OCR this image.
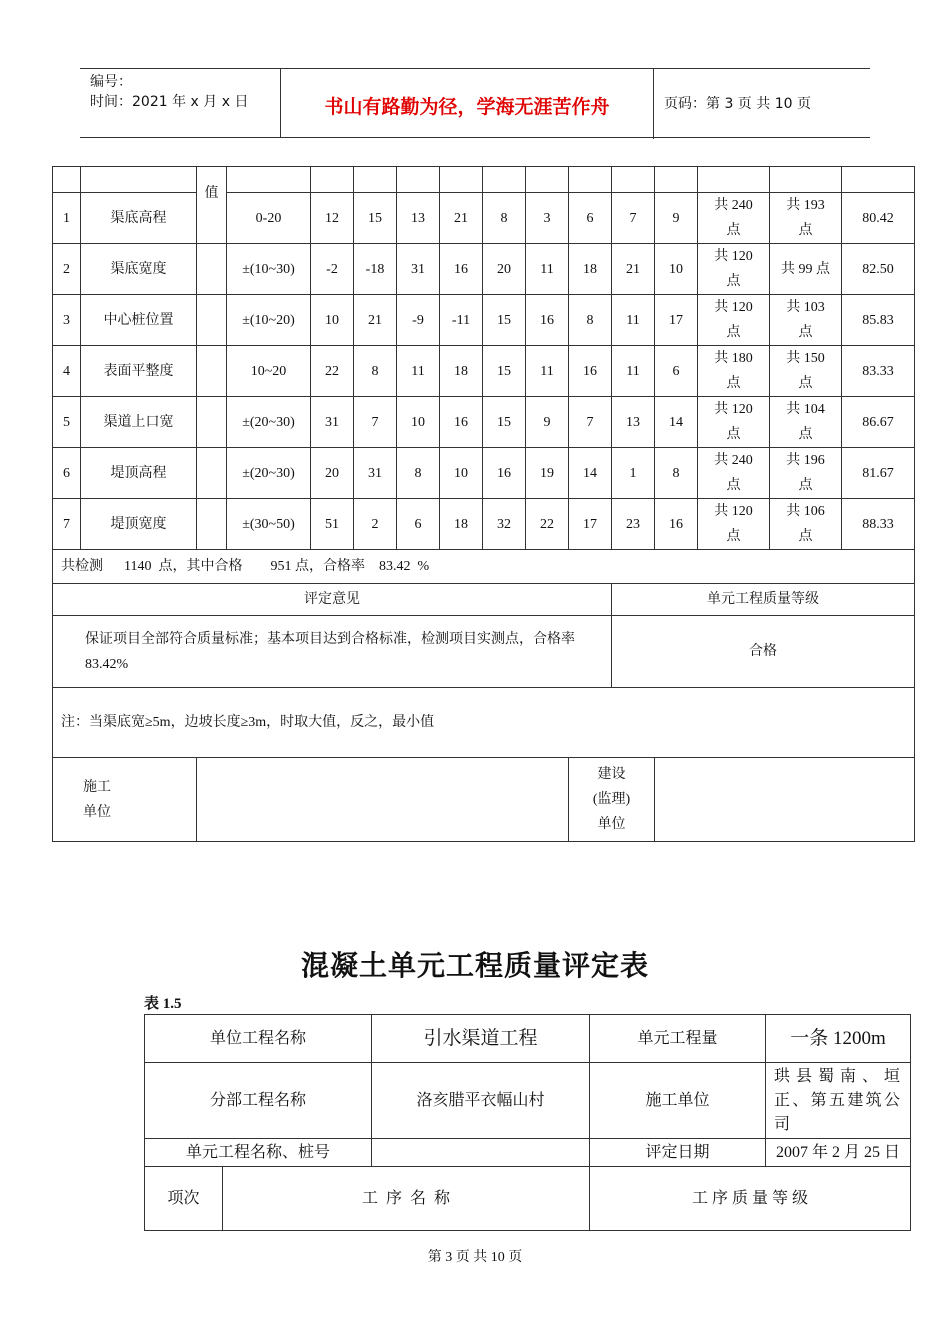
编号：
时间：2021 年 x 月 x 日	书山有路勤为径，学海无涯苦作舟	页码：第 3 页 共 10 页
		值													
1	渠底高程		0-20	12	15	13	21	8	3	6	7	9	共 240 点	共 193 点	80.42
2	渠底宽度		±(10~30)	-2	-18	31	16	20	11	18	21	10	共 120 点	共 99 点	82.50
3	中心桩位置		±(10~20)	10	21	-9	-11	15	16	8	11	17	共 120 点	共 103 点	85.83
4	表面平整度		10~20	22	8	11	18	15	11	16	11	6	共 180 点	共 150 点	83.33
5	渠道上口宽		±(20~30)	31	7	10	16	15	9	7	13	14	共 120 点	共 104 点	86.67
6	堤顶高程		±(20~30)	20	31	8	10	16	19	14	1	8	共 240 点	共 196 点	81.67
7	堤顶宽度		±(30~50)	51	2	6	18	32	22	17	23	16	共 120 点	共 106 点	88.33
共检测      1140  点，其中合格        951 点，合格率    83.42  %															
评定意见											单元工程质量等级				
保证项目全部符合质量标准；基本项目达到合格标准，检测项目实测点，合格率 83.42%											合格				
注：当渠底宽≥5m，边坡长度≥3m，时取大值，反之，最小值															

施工 单位										建设 (监理) 单位					

混凝土单元工程质量评定表
表 1.5
单位工程名称		引水渠道工程	单元工程量	一条 1200m
分部工程名称		洛亥腊平衣幅山村	施工单位	珙县蜀南、垣正、第五建筑公司
单元工程名称、桩号			评定日期	2007 年 2 月 25 日
项次	工  序  名  称		工 序 质 量 等 级	
第 3 页 共 10 页
